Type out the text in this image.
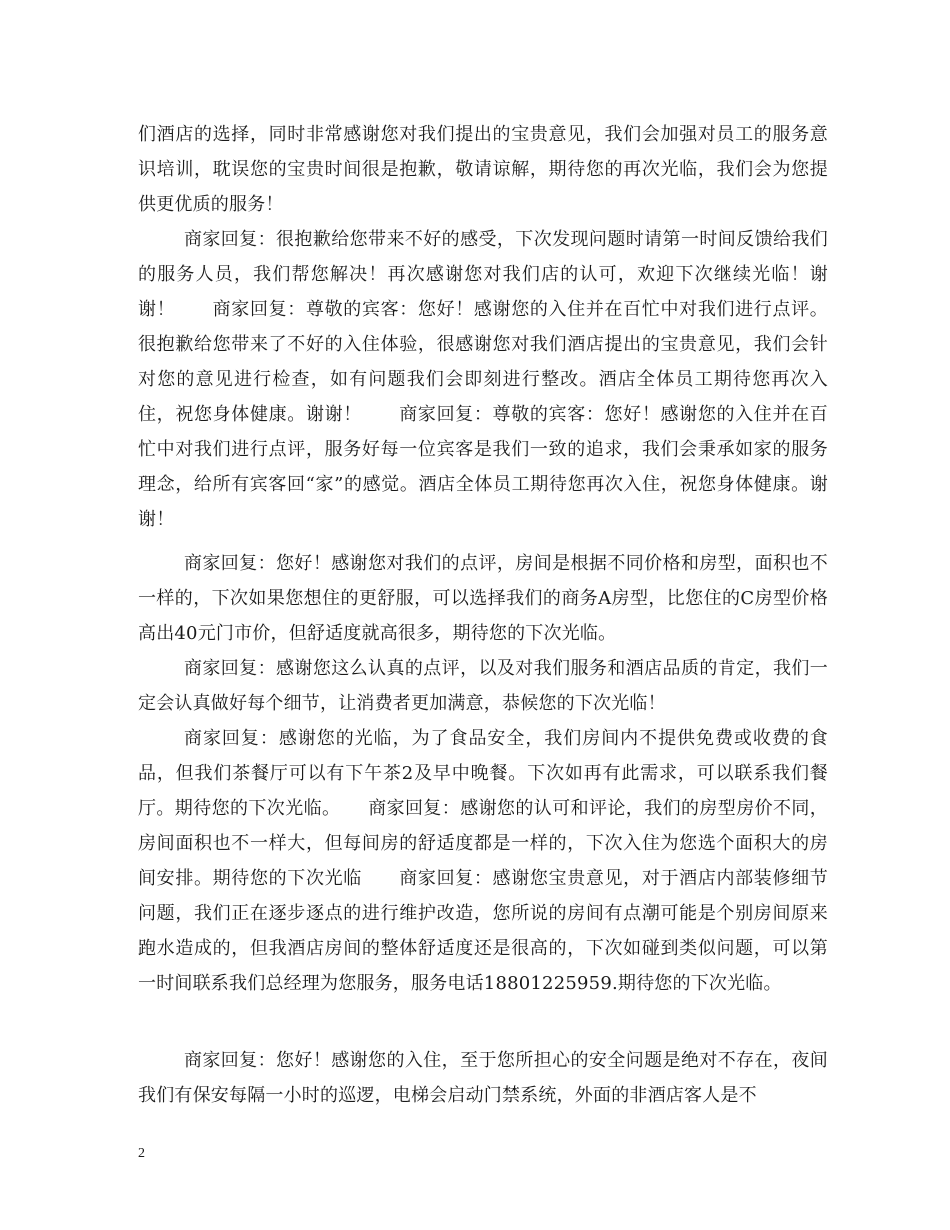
们酒店的选择，同时非常感谢您对我们提出的宝贵意见，我们会加强对员工的服务意识培训，耽误您的宝贵时间很是抱歉，敬请谅解，期待您的再次光临，我们会为您提供更优质的服务！

商家回复：很抱歉给您带来不好的感受，下次发现问题时请第一时间反馈给我们的服务人员，我们帮您解决！再次感谢您对我们店的认可，欢迎下次继续光临！谢谢！　　商家回复：尊敬的宾客：您好！感谢您的入住并在百忙中对我们进行点评。很抱歉给您带来了不好的入住体验，很感谢您对我们酒店提出的宝贵意见，我们会针对您的意见进行检查，如有问题我们会即刻进行整改。酒店全体员工期待您再次入住，祝您身体健康。谢谢！　　商家回复：尊敬的宾客：您好！感谢您的入住并在百忙中对我们进行点评，服务好每一位宾客是我们一致的追求，我们会秉承如家的服务理念，给所有宾客回“家”的感觉。酒店全体员工期待您再次入住，祝您身体健康。谢谢！

商家回复：您好！感谢您对我们的点评，房间是根据不同价格和房型，面积也不一样的，下次如果您想住的更舒服，可以选择我们的商务A房型，比您住的C房型价格高出40元门市价，但舒适度就高很多，期待您的下次光临。

商家回复：感谢您这么认真的点评，以及对我们服务和酒店品质的肯定，我们一定会认真做好每个细节，让消费者更加满意，恭候您的下次光临！

商家回复：感谢您的光临，为了食品安全，我们房间内不提供免费或收费的食品，但我们茶餐厅可以有下午茶2及早中晚餐。下次如再有此需求，可以联系我们餐厅。期待您的下次光临。　　商家回复：感谢您的认可和评论，我们的房型房价不同，房间面积也不一样大，但每间房的舒适度都是一样的，下次入住为您选个面积大的房间安排。期待您的下次光临　　商家回复：感谢您宝贵意见，对于酒店内部装修细节问题，我们正在逐步逐点的进行维护改造，您所说的房间有点潮可能是个别房间原来跑水造成的，但我酒店房间的整体舒适度还是很高的，下次如碰到类似问题，可以第一时间联系我们总经理为您服务，服务电话18801225959.期待您的下次光临。

商家回复：您好！感谢您的入住，至于您所担心的安全问题是绝对不存在，夜间我们有保安每隔一小时的巡逻，电梯会启动门禁系统，外面的非酒店客人是不

2
